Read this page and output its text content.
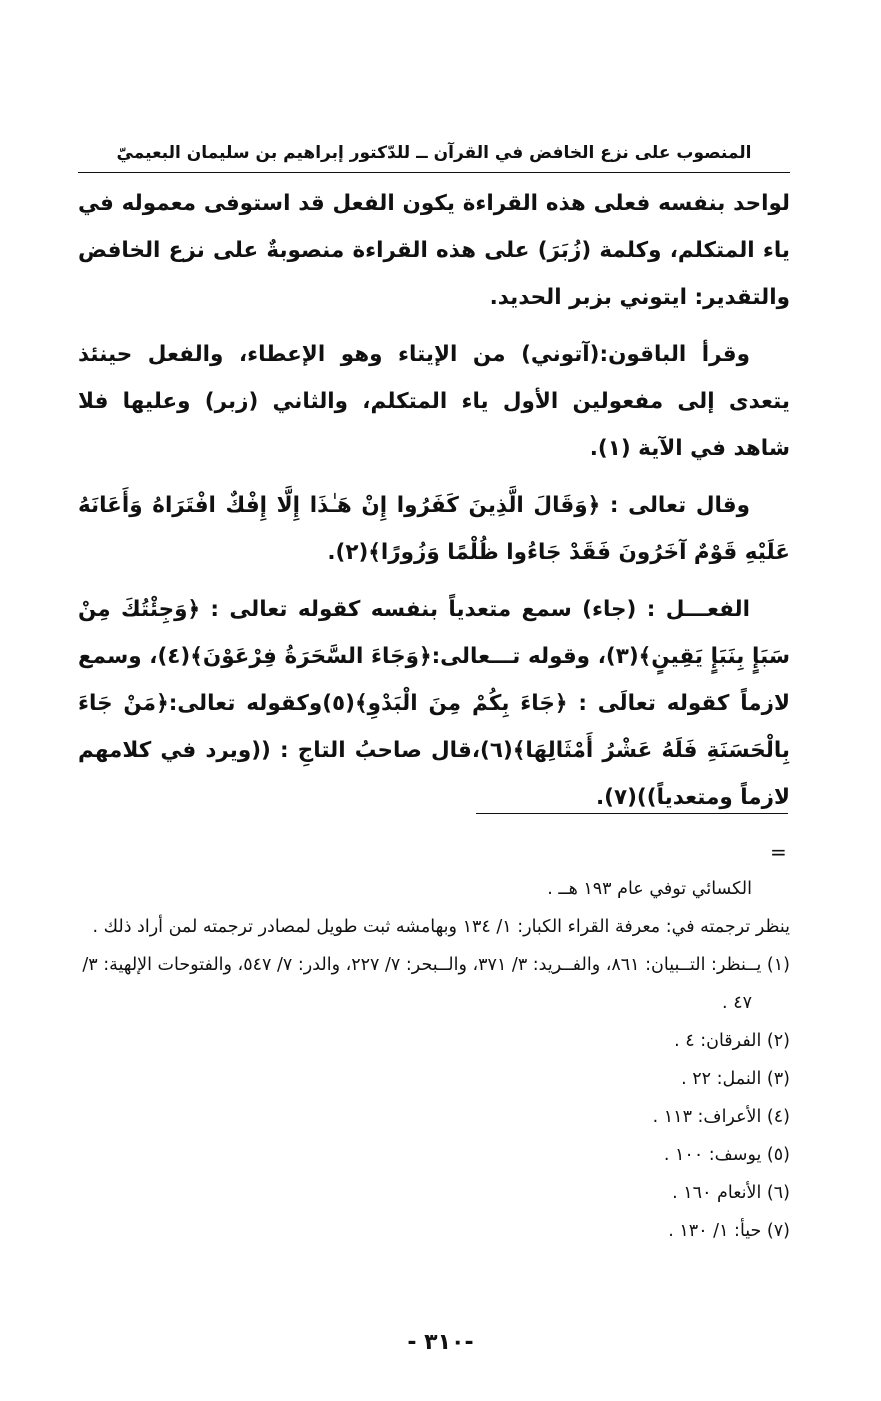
المنصوب على نزع الخافض في القرآن ــ للدّكتور إبراهيم بن سليمان البعيميّ

لواحد بنفسه فعلى هذه القراءة يكون الفعل قد استوفى معموله في ياء المتكلم، وكلمة (زُبَرَ) على هذه القراءة منصوبةٌ على نزع الخافض والتقدير: ايتوني بزبر الحديد.

وقرأ الباقون:(آتوني) من الإيتاء وهو الإعطاء، والفعل حينئذ يتعدى إلى مفعولين الأول ياء المتكلم، والثاني (زبر) وعليها فلا شاهد في الآية (١).

وقال تعالى : ﴿وَقَالَ الَّذِينَ كَفَرُوا إِنْ هَـٰذَا إِلَّا إِفْكٌ افْتَرَاهُ وَأَعَانَهُ عَلَيْهِ قَوْمٌ آخَرُونَ فَقَدْ جَاءُوا ظُلْمًا وَزُورًا﴾(٢).

الفعـــل : (جاء) سمع متعدياً بنفسه كقوله تعالى : ﴿وَجِئْتُكَ مِنْ سَبَإٍ بِنَبَإٍ يَقِينٍ﴾(٣)، وقوله تـــعالى:﴿وَجَاءَ السَّحَرَةُ فِرْعَوْنَ﴾(٤)، وسمع لازماً كقوله تعالَى : ﴿جَاءَ بِكُمْ مِنَ الْبَدْوِ﴾(٥)وكقوله تعالى:﴿مَنْ جَاءَ بِالْحَسَنَةِ فَلَهُ عَشْرُ أَمْثَالِهَا﴾(٦)،قال صاحبُ التاجِ : ((ويرد في كلامهم لازماً ومتعدياً))(٧).

=

الكسائي توفي عام ١٩٣ هــ .

ينظر ترجمته في: معرفة القراء الكبار: ١/ ١٣٤ وبهامشه ثبت طويل لمصادر ترجمته لمن أراد ذلك .

(١) يــنظر: التــبيان: ٨٦١، والفــريد: ٣/ ٣٧١، والــبحر: ٧/ ٢٢٧، والدر: ٧/ ٥٤٧، والفتوحات الإلهية: ٣/ ٤٧ .

(٢) الفرقان: ٤ .

(٣) النمل: ٢٢ .

(٤) الأعراف: ١١٣ .

(٥) يوسف: ١٠٠ .

(٦) الأنعام ١٦٠ .

(٧) حيأ: ١/ ١٣٠ .

-٣١٠ -
